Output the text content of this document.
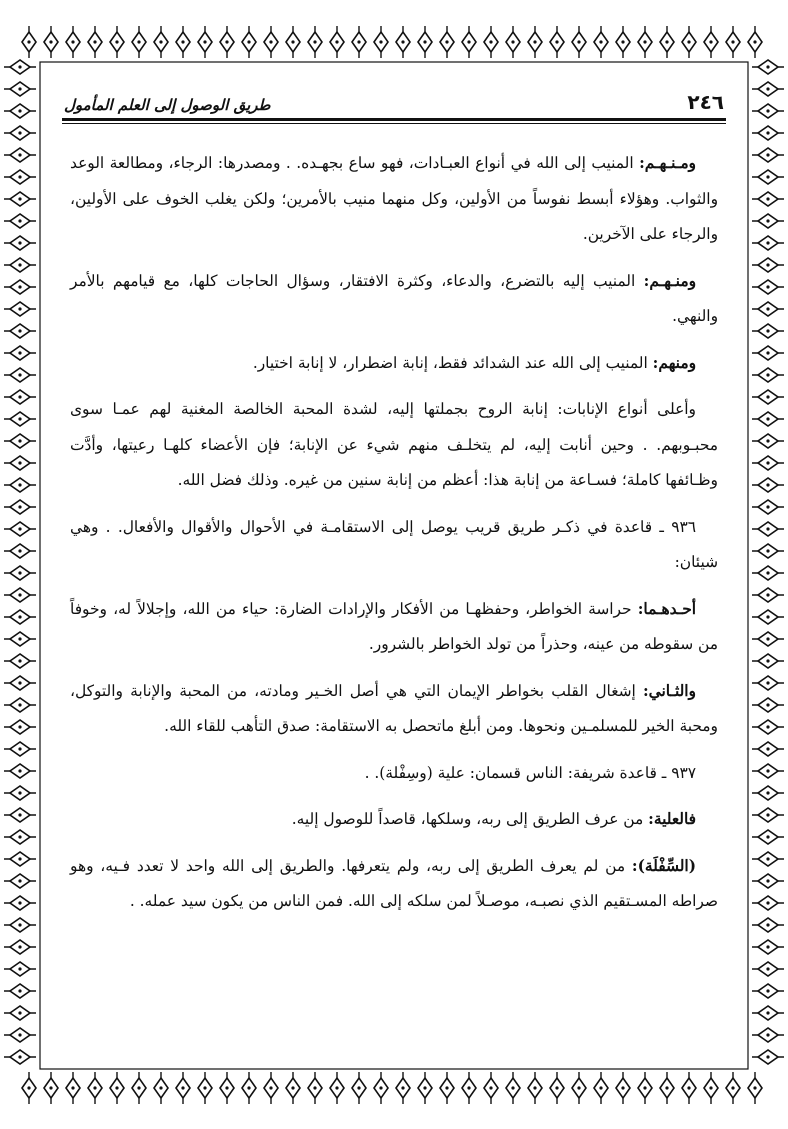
طريق الوصول إلى العلم المأمول	٢٤٦

ومـنـهـم: المنيب إلى الله في أنواع العبـادات، فهو ساع بجهـده. . ومصدرها: الرجاء، ومطالعة الوعد والثواب. وهؤلاء أبسط نفوساً من الأولين، وكل منهما منيب بالأمرين؛ ولكن يغلب الخوف على الأولين، والرجاء على الآخرين.

ومنـهـم: المنيب إليه بالتضرع، والدعاء، وكثرة الافتقار، وسؤال الحاجات كلها، مع قيامهم بالأمر والنهي.

ومنهم: المنيب إلى الله عند الشدائد فقط، إنابة اضطرار، لا إنابة اختيار.

وأعلى أنواع الإنابات: إنابة الروح بجملتها إليه، لشدة المحبة الخالصة المغنية لهم عمـا سوى محبـوبهم. . وحين أنابت إليه، لم يتخلـف منهم شيء عن الإنابة؛ فإن الأعضاء كلهـا رعيتها، وأدَّت وظـائفها كاملة؛ فسـاعة من إنابة هذا: أعظم من إنابة سنين من غيره. وذلك فضل الله.

٩٣٦ ـ قاعدة في ذكـر طريق قريب يوصل إلى الاستقامـة في الأحوال والأقوال والأفعال. . وهي شيئان:

أحـدهـما: حراسة الخواطر، وحفظهـا من الأفكار والإرادات الضارة: حياء من الله، وإجلالاً له، وخوفاً من سقوطه من عينه، وحذراً من تولد الخواطر بالشرور.

والثـاني: إشغال القلب بخواطر الإيمان التي هي أصل الخـير ومادته، من المحبة والإنابة والتوكل، ومحبة الخير للمسلمـين ونحوها. ومن أبلغ ماتحصل به الاستقامة: صدق التأهب للقاء الله.

٩٣٧ ـ قاعدة شريفة: الناس قسمان: علية (وسِفْلة). .

فالعلية: من عرف الطريق إلى ربه، وسلكها، قاصداً للوصول إليه.

(السِّفْلَة): من لم يعرف الطريق إلى ربه، ولم يتعرفها. والطريق إلى الله واحد لا تعدد فـيه، وهو صراطه المسـتقيم الذي نصبـه، موصـلاً لمن سلكه إلى الله. فمن الناس من يكون سيد عمله. .
